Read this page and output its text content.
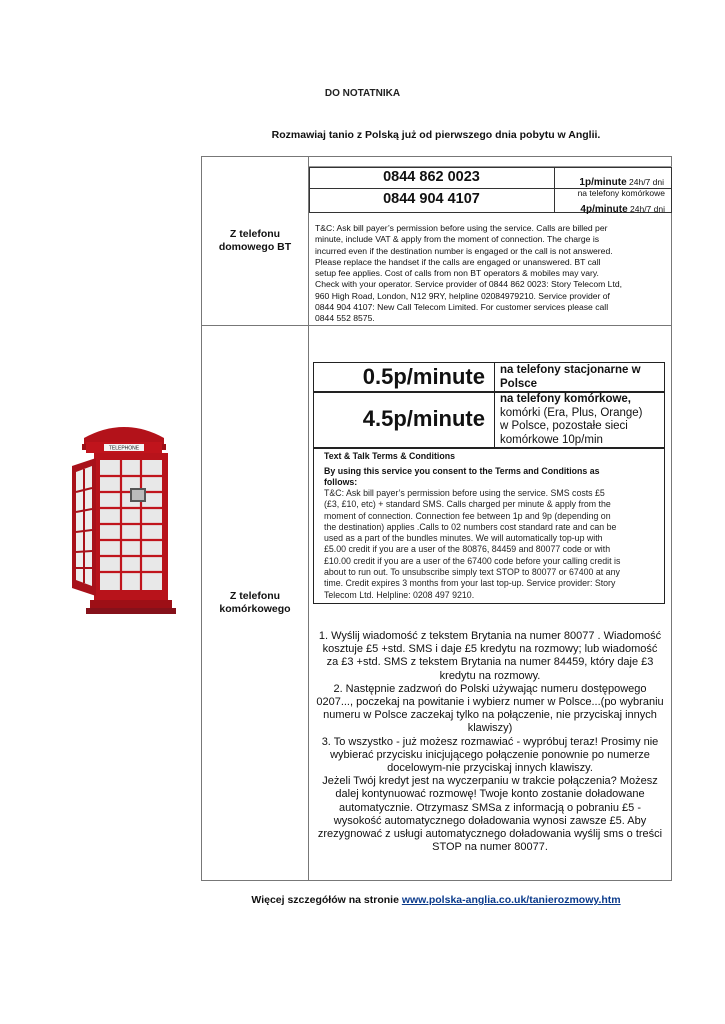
DO NOTATNIKA
Rozmawiaj tanio z Polską już od pierwszego dnia pobytu w Anglii.
Z telefonu
domowego BT
0844 862 0023	1p/minute 24h/7 dni
0844 904 4107	na telefony komórkowe
4p/minute 24h/7 dni
T&C: Ask bill payer’s permission before using the service. Calls are billed per
minute, include VAT & apply from the moment of connection. The charge is
incurred even if the destination number is engaged or the call is not answered.
Please replace the handset if the calls are engaged or unanswered. BT call
setup fee applies. Cost of calls from non BT operators & mobiles may vary.
Check with your operator. Service provider of 0844 862 0023: Story Telecom Ltd,
960 High Road, London, N12 9RY, helpline 02084979210. Service provider of
0844 904 4107: New Call Telecom Limited. For customer services please call
0844 552 8575.
TELEPHONE
Z telefonu
komórkowego
0.5p/minute na telefony stacjonarne w Polsce
4.5p/minute
na telefony komórkowe,
komórki (Era, Plus, Orange)
w Polsce, pozostałe sieci
komórkowe 10p/min
Text & Talk Terms & Conditions
By using this service you consent to the Terms and Conditions as
follows:
T&C: Ask bill payer’s permission before using the service. SMS costs £5
(£3, £10, etc) + standard SMS. Calls charged per minute & apply from the
moment of connection. Connection fee between 1p and 9p (depending on
the destination) applies .Calls to 02 numbers cost standard rate and can be
used as a part of the bundles minutes. We will automatically top-up with
£5.00 credit if you are a user of the 80876, 84459 and 80077 code or with
£10.00 credit if you are a user of the 67400 code before your calling credit is
about to run out. To unsubscribe simply text STOP to 80077 or 67400 at any
time. Credit expires 3 months from your last top-up. Service provider: Story
Telecom Ltd. Helpline: 0208 497 9210.
1. Wyślij wiadomość z tekstem Brytania na numer 80077 . Wiadomość
kosztuje £5 +std. SMS i daje £5 kredytu na rozmowy; lub wiadomość
za £3 +std. SMS z tekstem Brytania na numer 84459, który daje £3
kredytu na rozmowy.
2. Następnie zadzwoń do Polski używając numeru dostępowego
0207..., poczekaj na powitanie i wybierz numer w Polsce...(po wybraniu
numeru w Polsce zaczekaj tylko na połączenie, nie przyciskaj innych
klawiszy)
3. To wszystko - już możesz rozmawiać - wypróbuj teraz! Prosimy nie
wybierać przycisku inicjującego połączenie ponownie po numerze
docelowym-nie przyciskaj innych klawiszy.
Jeżeli Twój kredyt jest na wyczerpaniu w trakcie połączenia? Możesz
dalej kontynuować rozmowę! Twoje konto zostanie doładowane
automatycznie. Otrzymasz SMSa z informacją o pobraniu £5 -
wysokość automatycznego doładowania wynosi zawsze £5. Aby
zrezygnować z usługi automatycznego doładowania wyślij sms o treści
STOP na numer 80077.
Więcej szczegółów na stronie www.polska-anglia.co.uk/tanierozmowy.htm
